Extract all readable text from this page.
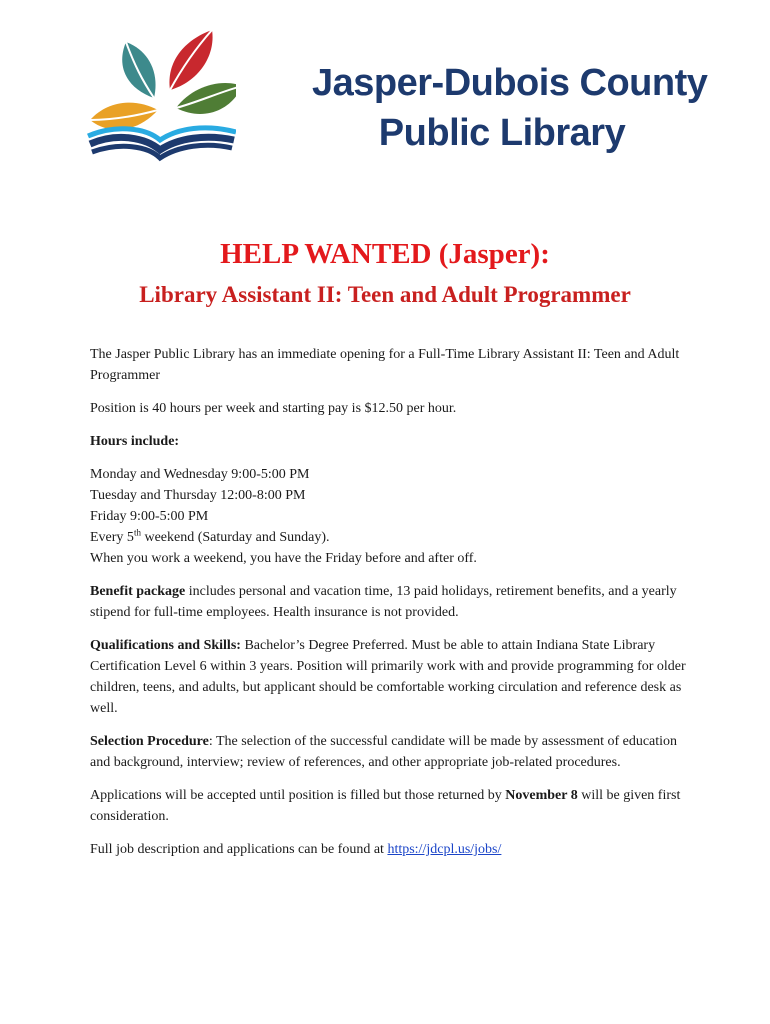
Jasper-Dubois County
Public Library
HELP WANTED (Jasper):
Library Assistant II: Teen and Adult Programmer

The Jasper Public Library has an immediate opening for a Full-Time Library Assistant II: Teen and Adult Programmer

Position is 40 hours per week and starting pay is $12.50 per hour.

Hours include:

Monday and Wednesday 9:00-5:00 PM
Tuesday and Thursday 12:00-8:00 PM
Friday 9:00-5:00 PM
Every 5th weekend (Saturday and Sunday).
When you work a weekend, you have the Friday before and after off.

Benefit package includes personal and vacation time, 13 paid holidays, retirement benefits, and a yearly stipend for full-time employees. Health insurance is not provided.

Qualifications and Skills: Bachelor’s Degree Preferred. Must be able to attain Indiana State Library Certification Level 6 within 3 years. Position will primarily work with and provide programming for older children, teens, and adults, but applicant should be comfortable working circulation and reference desk as well.

Selection Procedure: The selection of the successful candidate will be made by assessment of education and background, interview; review of references, and other appropriate job-related procedures.

Applications will be accepted until position is filled but those returned by November 8 will be given first consideration.

Full job description and applications can be found at https://jdcpl.us/jobs/
